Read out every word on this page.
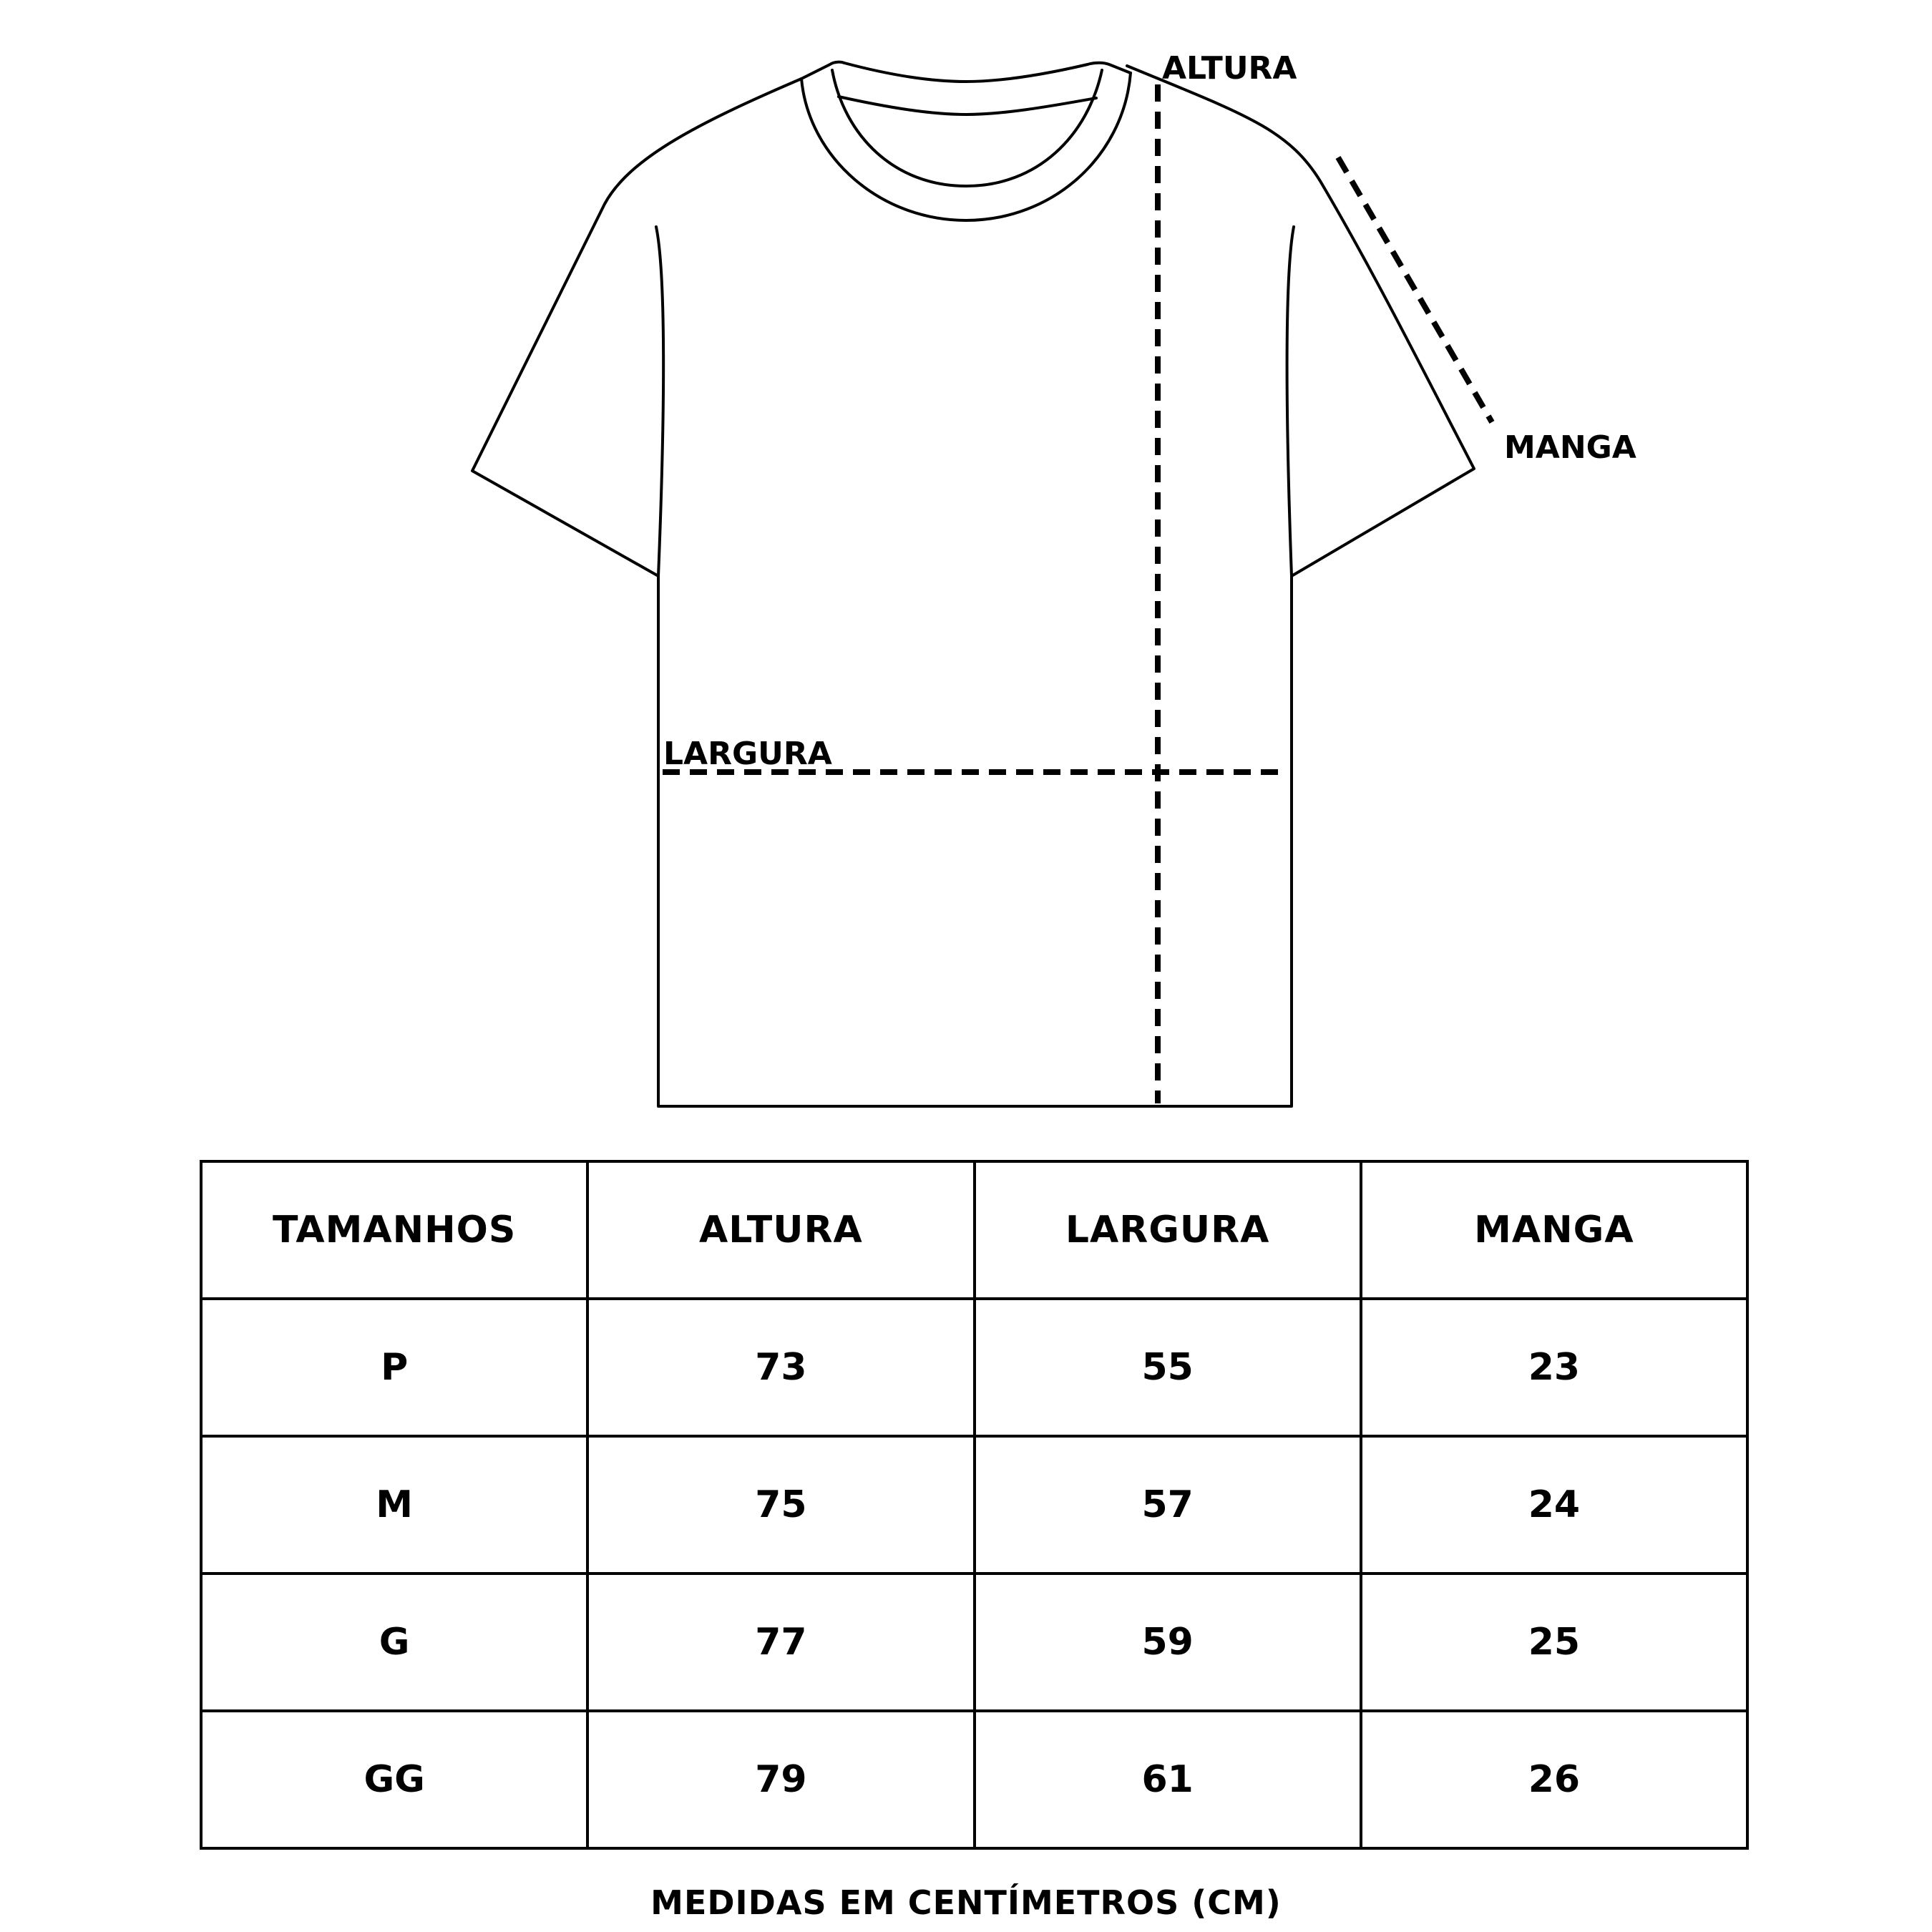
ALTURA
LARGURA
MANGA
TAMANHOS	ALTURA	LARGURA	MANGA
P	73	55	23
M	75	57	24
G	77	59	25
GG	79	61	26
MEDIDAS EM CENTÍMETROS (CM)
